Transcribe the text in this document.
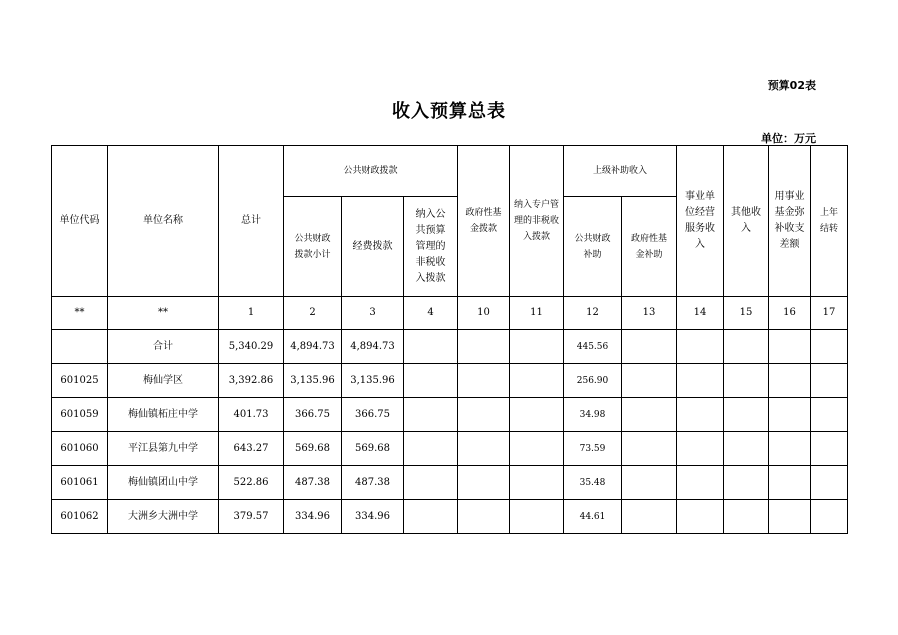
预算02表
收入预算总表
单位：万元
单位代码	单位名称	总计	公共财政拨款			政府性基金拨款	纳入专户管理的非税收入拨款	上级补助收入		事业单位经营服务收入	其他收入	用事业基金弥补收支差额	上年结转
			公共财政拨款小计	经费拨款	纳入公共预算管理的非税收入拨款			公共财政补助	政府性基金补助				
**	**	1	2	3	4	10	11	12	13	14	15	16	17
	合计	5,340.29	4,894.73	4,894.73				445.56					
601025	梅仙学区	3,392.86	3,135.96	3,135.96				256.90					
601059	梅仙镇柘庄中学	401.73	366.75	366.75				34.98					
601060	平江县第九中学	643.27	569.68	569.68				73.59					
601061	梅仙镇团山中学	522.86	487.38	487.38				35.48					
601062	大洲乡大洲中学	379.57	334.96	334.96				44.61					
